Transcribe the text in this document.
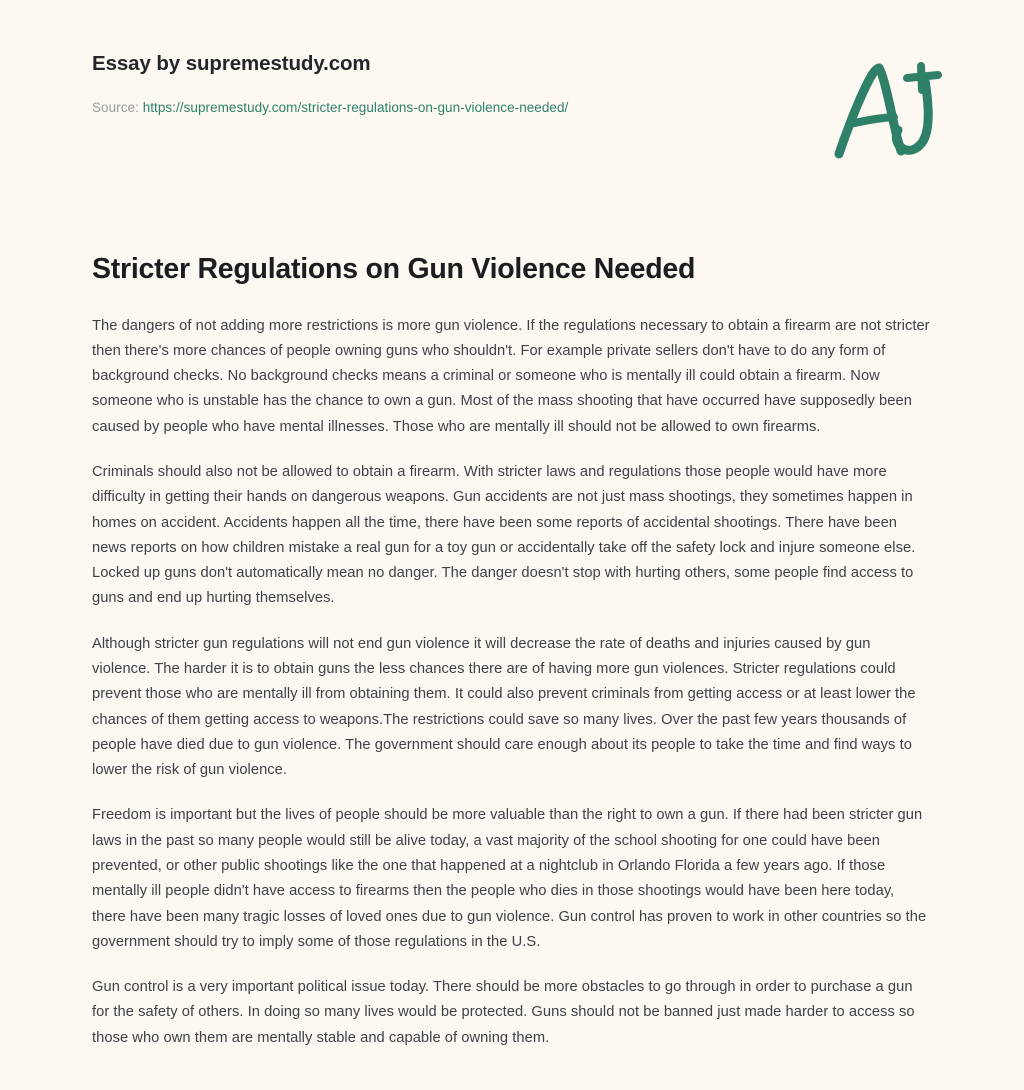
Essay by supremestudy.com
Source: https://supremestudy.com/stricter-regulations-on-gun-violence-needed/
Stricter Regulations on Gun Violence Needed

The dangers of not adding more restrictions is more gun violence. If the regulations necessary to obtain a firearm are not stricter then there's more chances of people owning guns who shouldn't. For example private sellers don't have to do any form of background checks. No background checks means a criminal or someone who is mentally ill could obtain a firearm. Now someone who is unstable has the chance to own a gun. Most of the mass shooting that have occurred have supposedly been caused by people who have mental illnesses. Those who are mentally ill should not be allowed to own firearms.

Criminals should also not be allowed to obtain a firearm. With stricter laws and regulations those people would have more difficulty in getting their hands on dangerous weapons. Gun accidents are not just mass shootings, they sometimes happen in homes on accident. Accidents happen all the time, there have been some reports of accidental shootings. There have been news reports on how children mistake a real gun for a toy gun or accidentally take off the safety lock and injure someone else. Locked up guns don't automatically mean no danger. The danger doesn't stop with hurting others, some people find access to guns and end up hurting themselves.

Although stricter gun regulations will not end gun violence it will decrease the rate of deaths and injuries caused by gun violence. The harder it is to obtain guns the less chances there are of having more gun violences. Stricter regulations could prevent those who are mentally ill from obtaining them. It could also prevent criminals from getting access or at least lower the chances of them getting access to weapons.The restrictions could save so many lives. Over the past few years thousands of people have died due to gun violence. The government should care enough about its people to take the time and find ways to lower the risk of gun violence.

Freedom is important but the lives of people should be more valuable than the right to own a gun. If there had been stricter gun laws in the past so many people would still be alive today, a vast majority of the school shooting for one could have been prevented, or other public shootings like the one that happened at a nightclub in Orlando Florida a few years ago. If those mentally ill people didn't have access to firearms then the people who dies in those shootings would have been here today, there have been many tragic losses of loved ones due to gun violence. Gun control has proven to work in other countries so the government should try to imply some of those regulations in the U.S.

Gun control is a very important political issue today. There should be more obstacles to go through in order to purchase a gun for the safety of others. In doing so many lives would be protected. Guns should not be banned just made harder to access so those who own them are mentally stable and capable of owning them.
